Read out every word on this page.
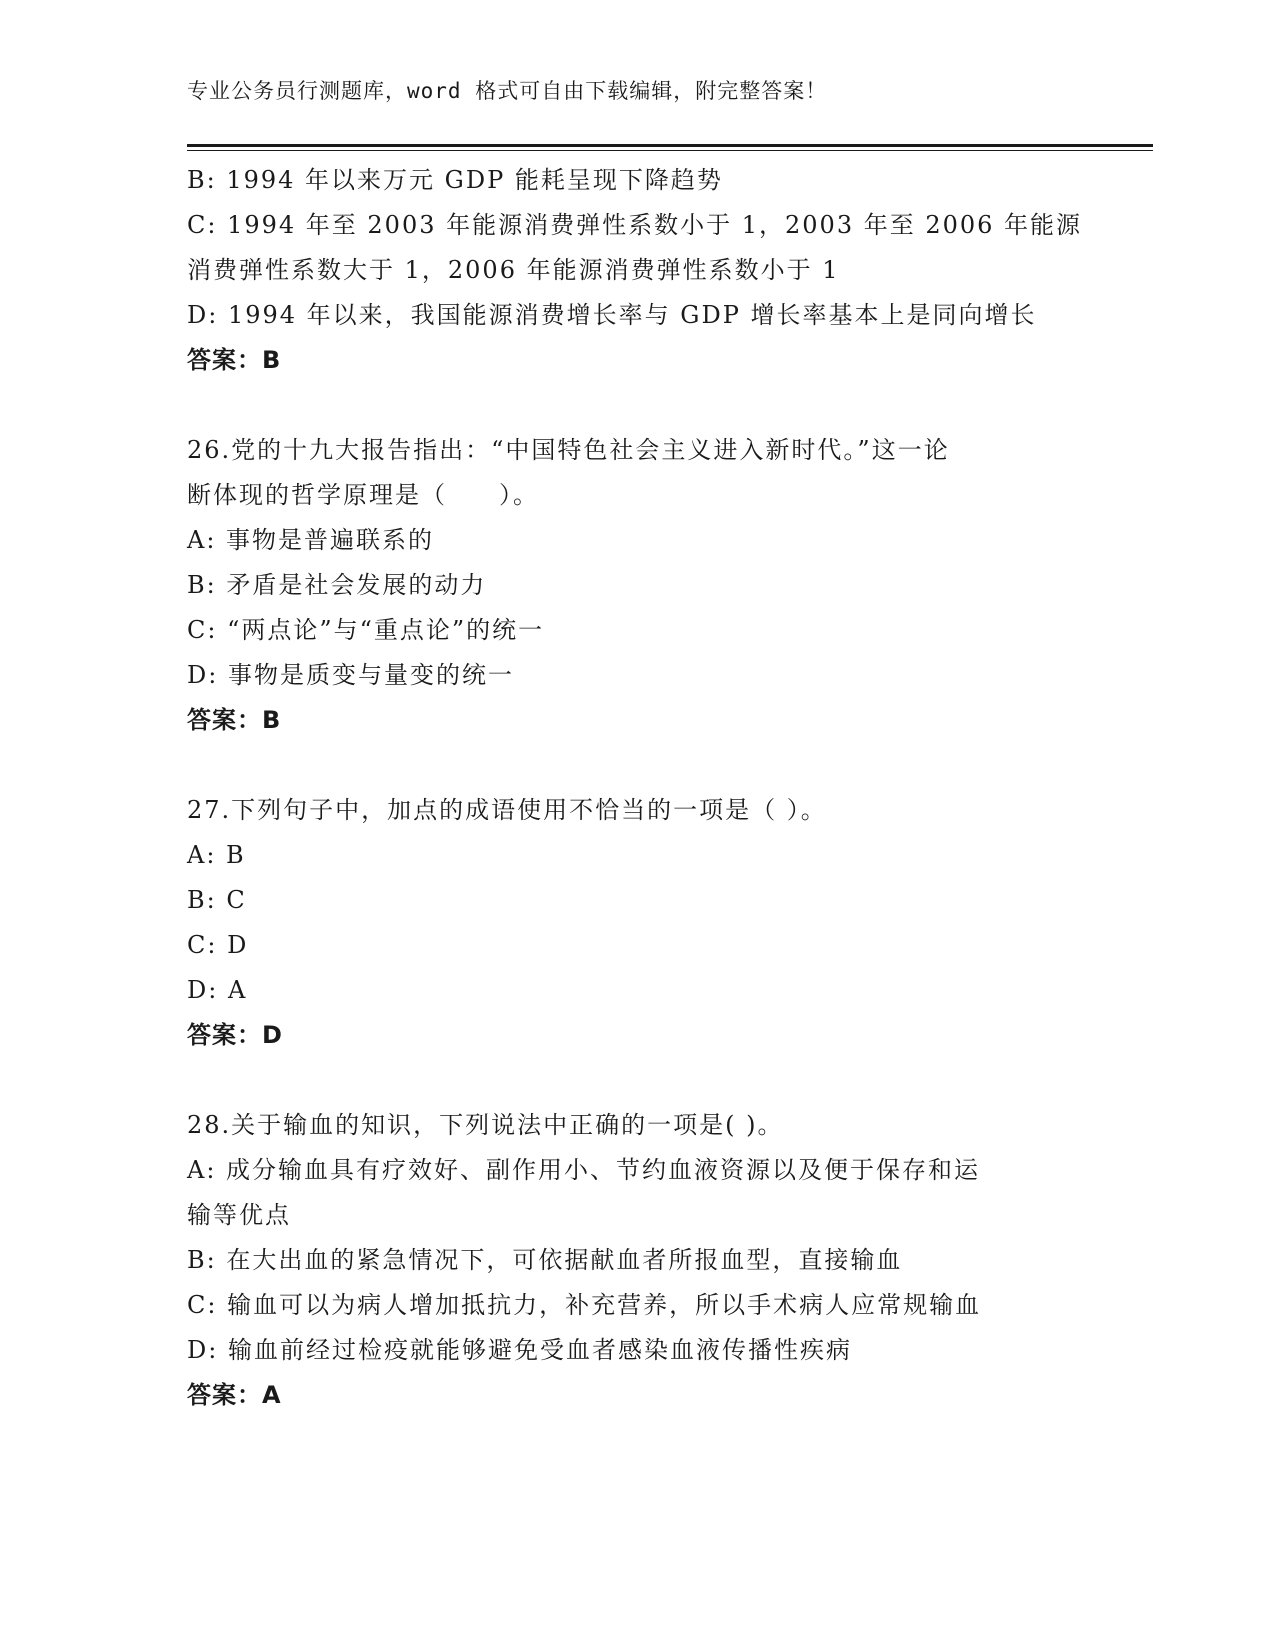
专业公务员行测题库，word 格式可自由下载编辑，附完整答案！
B: 1994 年以来万元 GDP 能耗呈现下降趋势
C: 1994 年至 2003 年能源消费弹性系数小于 1，2003 年至 2006 年能源
消费弹性系数大于 1，2006 年能源消费弹性系数小于 1
D: 1994 年以来，我国能源消费增长率与 GDP 增长率基本上是同向增长
答案：B
26.党的十九大报告指出：“中国特色社会主义进入新时代。”这一论
断体现的哲学原理是（　　）。
A: 事物是普遍联系的
B: 矛盾是社会发展的动力
C: “两点论”与“重点论”的统一
D: 事物是质变与量变的统一
答案：B
27.下列句子中，加点的成语使用不恰当的一项是（ ）。
A: B
B: C
C: D
D: A
答案：D
28.关于输血的知识，下列说法中正确的一项是( )。
A: 成分输血具有疗效好、副作用小、节约血液资源以及便于保存和运
输等优点
B: 在大出血的紧急情况下，可依据献血者所报血型，直接输血
C: 输血可以为病人增加抵抗力，补充营养，所以手术病人应常规输血
D: 输血前经过检疫就能够避免受血者感染血液传播性疾病
答案：A
